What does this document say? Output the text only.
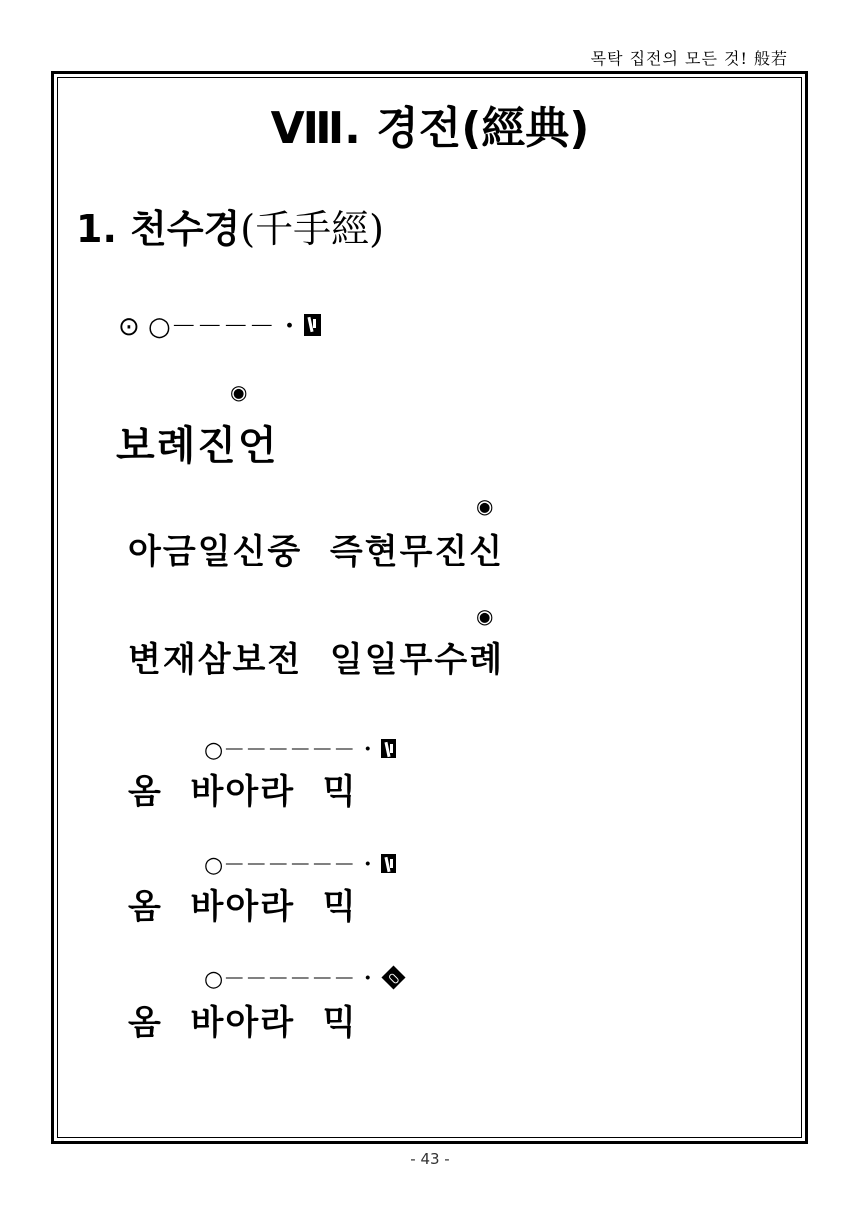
목탁 집전의 모든 것! 般若
Ⅷ. 경전(經典)
1. 천수경(千手經)
⊙ ○－－－－ ･
◉
보례진언
◉
아금일신중  즉현무진신
◉
변재삼보전  일일무수례
○－－－－－－ ･
옴  바아라  믹
○－－－－－－ ･
옴  바아라  믹
○－－－－－－ ･
옴  바아라  믹
- 43 -
